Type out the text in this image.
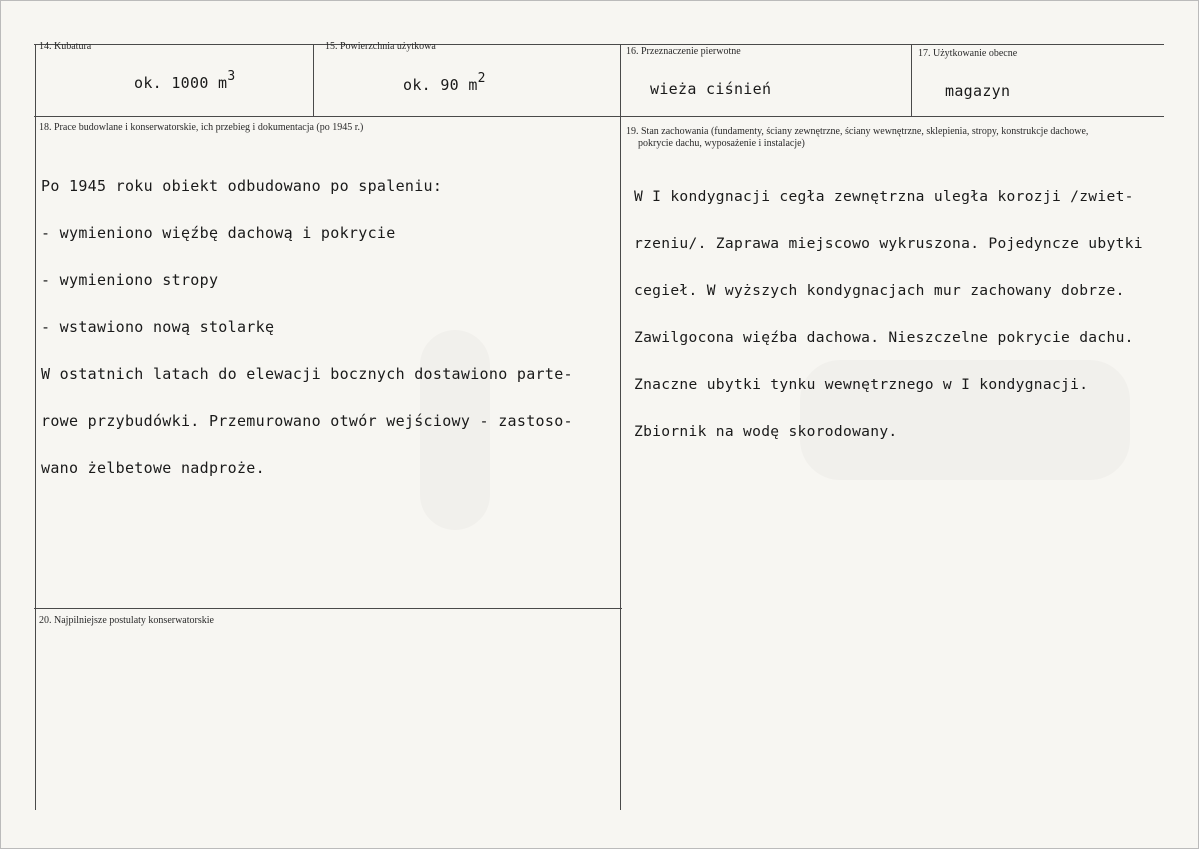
14. Kubatura
ok. 1000 $m^3$
15. Powierzchnia użytkowa
ok. 90 $m^2$
16. Przeznaczenie pierwotne
wieża ciśnień
17. Użytkowanie obecne
magazyn
18. Prace budowlane i konserwatorskie, ich przebieg i dokumentacja (po 1945 r.)

Po 1945 roku obiekt odbudowano po spaleniu:

- wymieniono więźbę dachową i pokrycie

- wymieniono stropy

- wstawiono nową stolarkę

W ostatnich latach do elewacji bocznych dostawiono parte-

rowe przybudówki. Przemurowano otwór wejściowy - zastoso-

wano żelbetowe nadproże.

19. Stan zachowania (fundamenty, ściany zewnętrzne, ściany wewnętrzne, sklepienia, stropy, konstrukcje dachowe,
pokrycie dachu, wyposażenie i instalacje)

W I kondygnacji cegła zewnętrzna uległa korozji /zwiet-

rzeniu/. Zaprawa miejscowo wykruszona. Pojedyncze ubytki

cegieł. W wyższych kondygnacjach mur zachowany dobrze.

Zawilgocona więźba dachowa. Nieszczelne pokrycie dachu.

Znaczne ubytki tynku wewnętrznego w I kondygnacji.

Zbiornik na wodę skorodowany.

20. Najpilniejsze postulaty konserwatorskie
